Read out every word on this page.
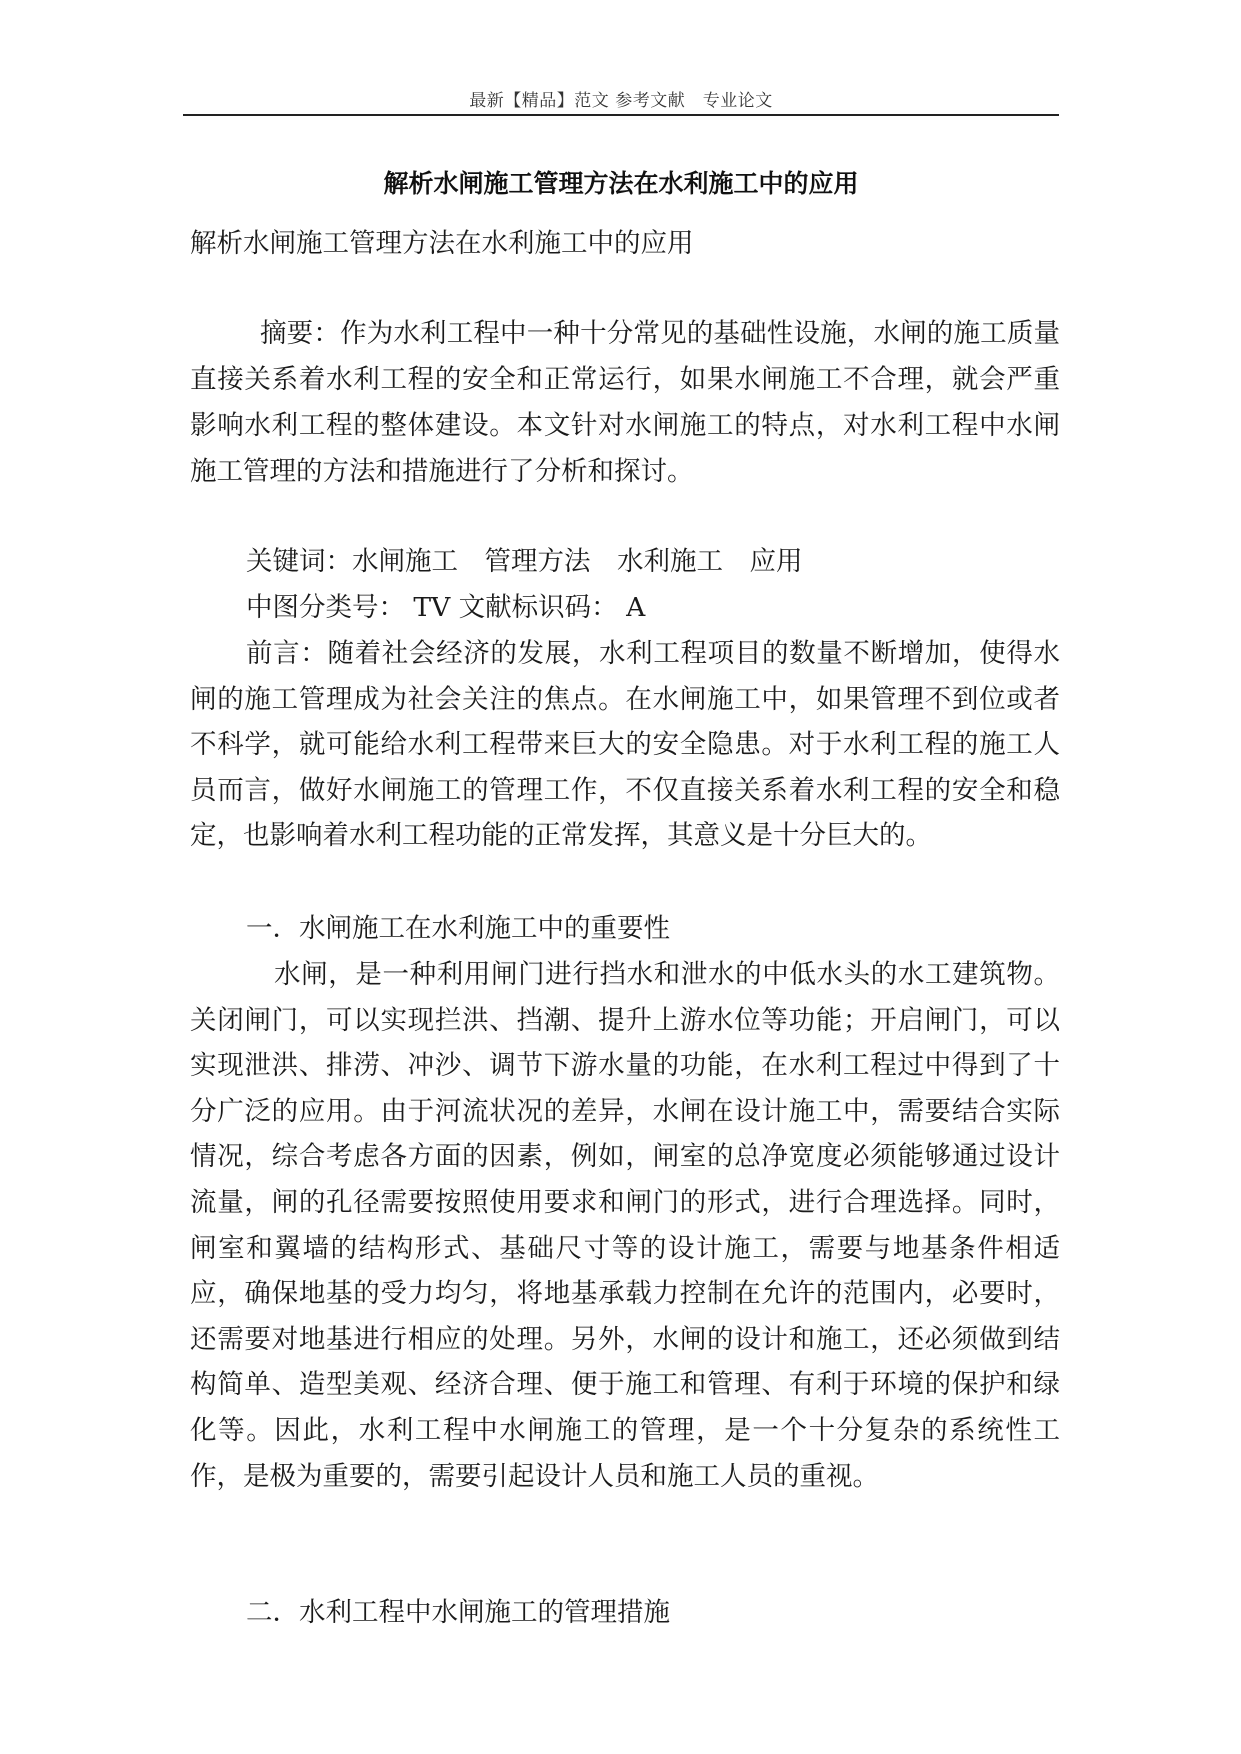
最新【精品】范文 参考文献　专业论文
解析水闸施工管理方法在水利施工中的应用
解析水闸施工管理方法在水利施工中的应用
摘要：作为水利工程中一种十分常见的基础性设施，水闸的施工质量直接关系着水利工程的安全和正常运行，如果水闸施工不合理，就会严重影响水利工程的整体建设。本文针对水闸施工的特点，对水利工程中水闸施工管理的方法和措施进行了分析和探讨。
关键词：水闸施工　管理方法　水利施工　应用
中图分类号： TV 文献标识码： A
前言：随着社会经济的发展，水利工程项目的数量不断增加，使得水闸的施工管理成为社会关注的焦点。在水闸施工中，如果管理不到位或者不科学，就可能给水利工程带来巨大的安全隐患。对于水利工程的施工人员而言，做好水闸施工的管理工作，不仅直接关系着水利工程的安全和稳定，也影响着水利工程功能的正常发挥，其意义是十分巨大的。
一．水闸施工在水利施工中的重要性
水闸，是一种利用闸门进行挡水和泄水的中低水头的水工建筑物。关闭闸门，可以实现拦洪、挡潮、提升上游水位等功能；开启闸门，可以实现泄洪、排涝、冲沙、调节下游水量的功能，在水利工程过中得到了十分广泛的应用。由于河流状况的差异，水闸在设计施工中，需要结合实际情况，综合考虑各方面的因素，例如，闸室的总净宽度必须能够通过设计流量，闸的孔径需要按照使用要求和闸门的形式，进行合理选择。同时，闸室和翼墙的结构形式、基础尺寸等的设计施工，需要与地基条件相适应，确保地基的受力均匀，将地基承载力控制在允许的范围内，必要时，还需要对地基进行相应的处理。另外，水闸的设计和施工，还必须做到结构简单、造型美观、经济合理、便于施工和管理、有利于环境的保护和绿化等。因此，水利工程中水闸施工的管理，是一个十分复杂的系统性工作，是极为重要的，需要引起设计人员和施工人员的重视。
二．水利工程中水闸施工的管理措施
